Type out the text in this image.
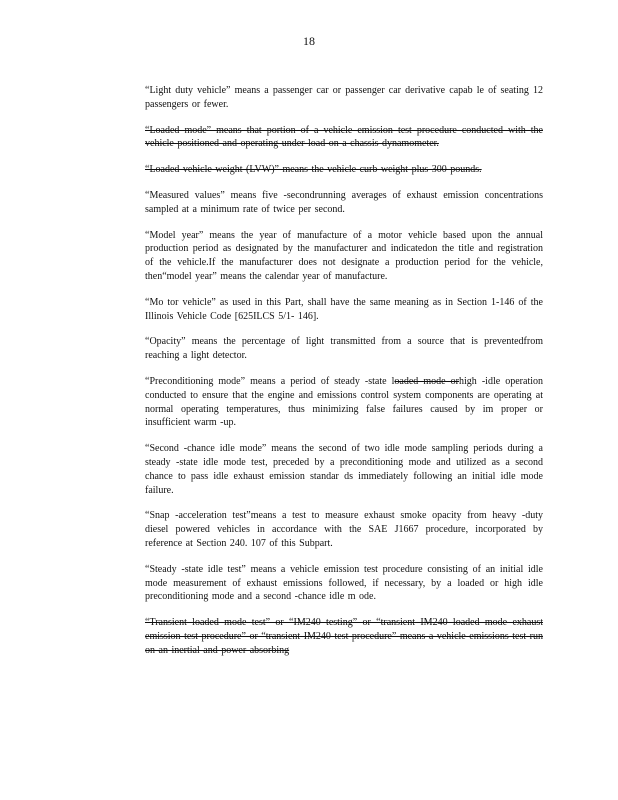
18

“Light duty vehicle” means a passenger car or passenger car derivative capab le of seating 12 passengers or fewer.

“Loaded mode” means that portion of a vehicle emission test procedure conducted with the vehicle positioned and operating under load on a chassis dynamometer.

“Loaded vehicle weight (LVW)” means the vehicle curb weight plus 300 pounds.

“Measured values” means five -secondrunning averages of exhaust emission concentrations sampled at a minimum rate of twice per second.

“Model year” means the year of manufacture of a motor vehicle based upon the annual production period as designated by the manufacturer and indicatedon the title and registration of the vehicle.If the manufacturer does not designate a production period for the vehicle, then“model year” means the calendar year of manufacture.

“Mo tor vehicle” as used in this Part, shall have the same meaning as in Section 1-146 of the Illinois Vehicle Code [625ILCS 5/1- 146].

“Opacity” means the percentage of light transmitted from a source that is preventedfrom reaching a light detector.

“Preconditioning mode” means a period of steady -state loaded mode orhigh -idle operation conducted to ensure that the engine and emissions control system components are operating at normal operating temperatures, thus minimizing false failures caused by im proper or insufficient warm -up.

“Second -chance idle mode” means the second of two idle mode sampling periods during a steady -state idle mode test, preceded by a preconditioning mode and utilized as a second chance to pass idle exhaust emission standar ds immediately following an initial idle mode failure.

“Snap -acceleration test”means a test to measure exhaust smoke opacity from heavy -duty diesel powered vehicles in accordance with the SAE J1667 procedure, incorporated by reference at Section 240. 107 of this Subpart.

“Steady -state idle test” means a vehicle emission test procedure consisting of an initial idle mode measurement of exhaust emissions followed, if necessary, by a loaded or high idle preconditioning mode and a second -chance idle m ode.

“Transient loaded mode test” or “IM240 testing” or “transient IM240 loaded mode exhaust emission test procedure” or “transient IM240 test procedure” means a vehicle emissions test run on an inertial and power absorbing
